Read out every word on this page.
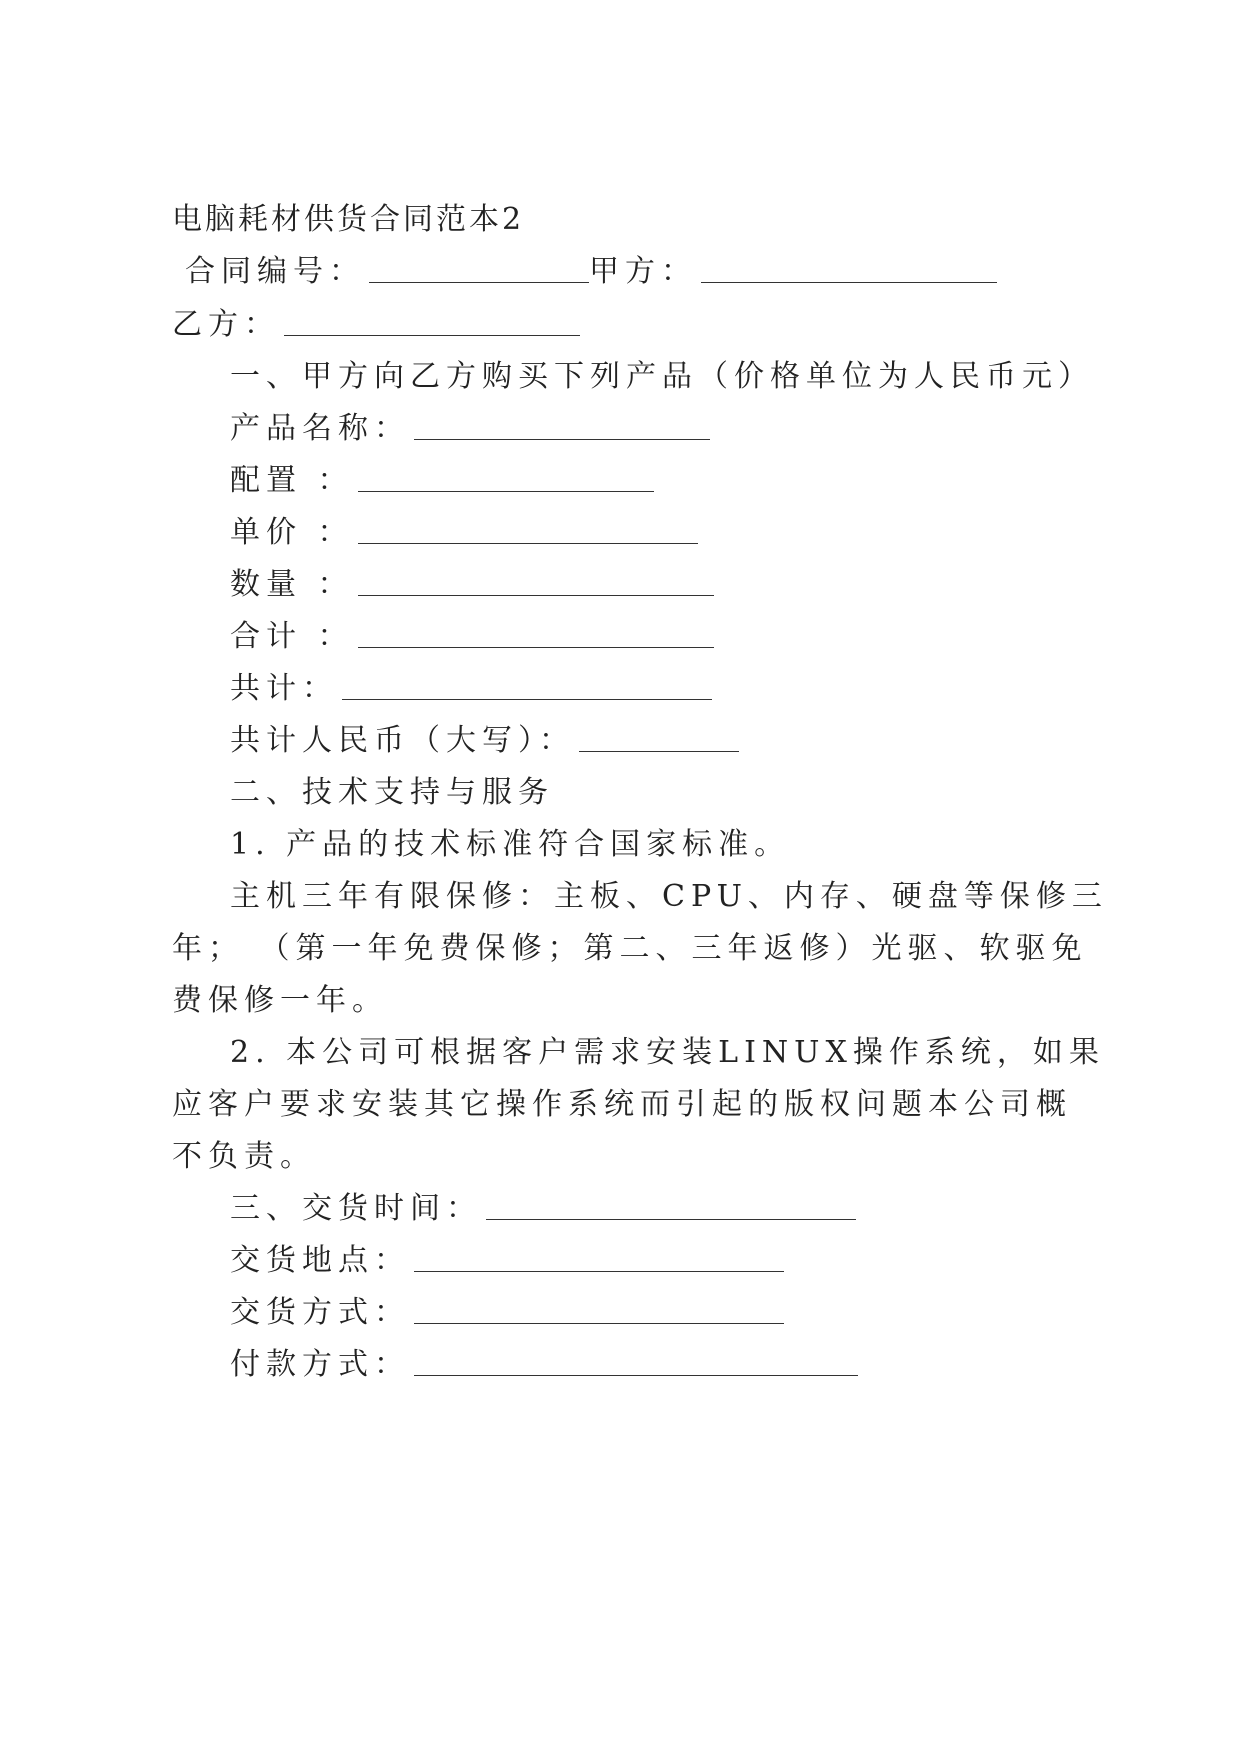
电脑耗材供货合同范本2
合同编号：	甲方：
乙方：
一、甲方向乙方购买下列产品（价格单位为人民币元）
产品名称：
配置 ：
单价 ：
数量 ：
合计 ：
共计：
共计人民币（大写）：
二、技术支持与服务
1. 产品的技术标准符合国家标准。
主机三年有限保修：主板、CPU、内存、硬盘等保修三
年； （第一年免费保修；第二、三年返修）光驱、软驱免
费保修一年。
2. 本公司可根据客户需求安装LINUX操作系统，如果
应客户要求安装其它操作系统而引起的版权问题本公司概
不负责。
三、交货时间：
交货地点：
交货方式：
付款方式：
